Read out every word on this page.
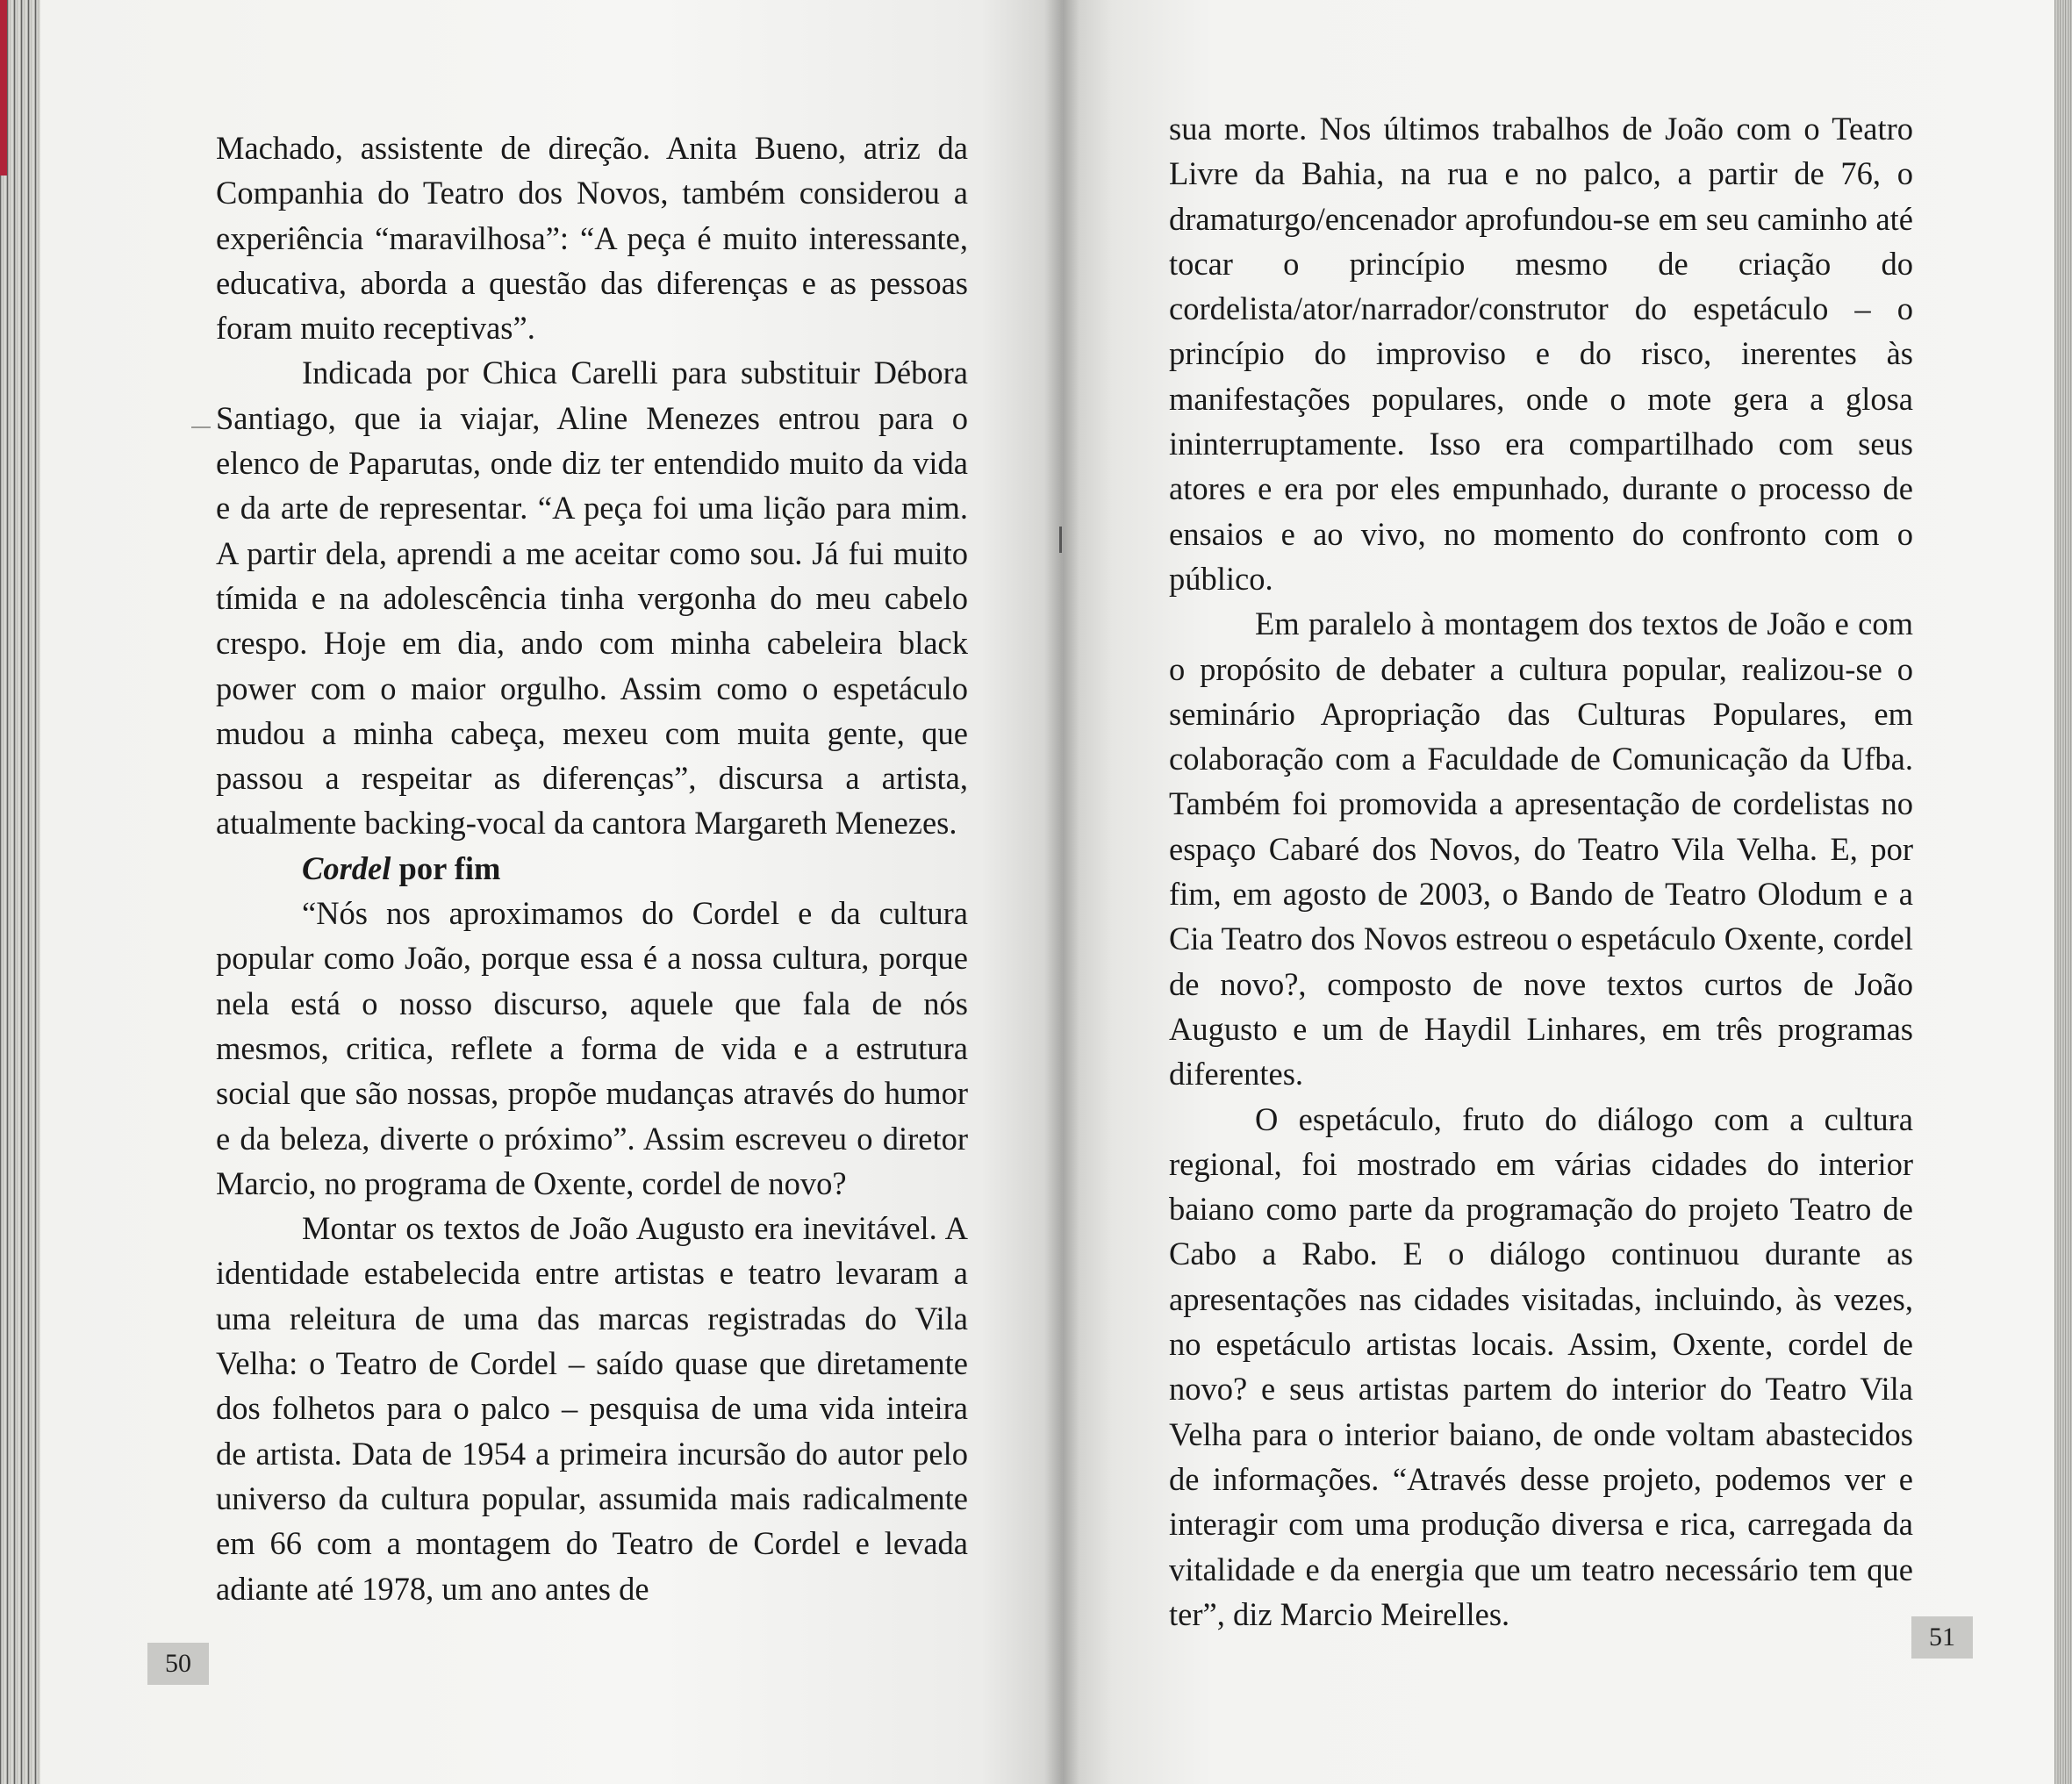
Machado, assistente de direção. Anita Bueno, atriz da Companhia do Teatro dos Novos, também considerou a experiência “maravilhosa”: “A peça é muito interessante, educativa, aborda a questão das diferenças e as pessoas foram muito receptivas”.

Indicada por Chica Carelli para substituir Débora Santiago, que ia viajar, Aline Menezes entrou para o elenco de Paparutas, onde diz ter entendido muito da vida e da arte de representar. “A peça foi uma lição para mim. A partir dela, aprendi a me aceitar como sou. Já fui muito tímida e na adolescência tinha vergonha do meu cabelo crespo. Hoje em dia, ando com minha cabeleira black power com o maior orgulho. Assim como o espetáculo mudou a minha cabeça, mexeu com muita gente, que passou a respeitar as diferenças”, discursa a artista, atualmente backing-vocal da cantora Margareth Menezes.

Cordel por fim

“Nós nos aproximamos do Cordel e da cultura popular como João, porque essa é a nossa cultura, porque nela está o nosso discurso, aquele que fala de nós mesmos, critica, reflete a forma de vida e a estrutura social que são nossas, propõe mudanças através do humor e da beleza, diverte o próximo”. Assim escreveu o diretor Marcio, no programa de Oxente, cordel de novo?

Montar os textos de João Augusto era inevitável. A identidade estabelecida entre artistas e teatro levaram a uma releitura de uma das marcas registradas do Vila Velha: o Teatro de Cordel – saído quase que diretamente dos folhetos para o palco – pesquisa de uma vida inteira de artista. Data de 1954 a primeira incursão do autor pelo universo da cultura popular, assumida mais radicalmente em 66 com a montagem do Teatro de Cordel e levada adiante até 1978, um ano antes de

sua morte. Nos últimos trabalhos de João com o Teatro Livre da Bahia, na rua e no palco, a partir de 76, o dramaturgo/encenador aprofundou-se em seu caminho até tocar o princípio mesmo de criação do cordelista/ator/narrador/construtor do espetáculo – o princípio do improviso e do risco, inerentes às manifestações populares, onde o mote gera a glosa ininterruptamente. Isso era compartilhado com seus atores e era por eles empunhado, durante o processo de ensaios e ao vivo, no momento do confronto com o público.

Em paralelo à montagem dos textos de João e com o propósito de debater a cultura popular, realizou-se o seminário Apropriação das Culturas Populares, em colaboração com a Faculdade de Comunicação da Ufba. Também foi promovida a apresentação de cordelistas no espaço Cabaré dos Novos, do Teatro Vila Velha. E, por fim, em agosto de 2003, o Bando de Teatro Olodum e a Cia Teatro dos Novos estreou o espetáculo Oxente, cordel de novo?, composto de nove textos curtos de João Augusto e um de Haydil Linhares, em três programas diferentes.

O espetáculo, fruto do diálogo com a cultura regional, foi mostrado em várias cidades do interior baiano como parte da programação do projeto Teatro de Cabo a Rabo. E o diálogo continuou durante as apresentações nas cidades visitadas, incluindo, às vezes, no espetáculo artistas locais. Assim, Oxente, cordel de novo? e seus artistas partem do interior do Teatro Vila Velha para o interior baiano, de onde voltam abastecidos de informações. “Através desse projeto, podemos ver e interagir com uma produção diversa e rica, carregada da vitalidade e da energia que um teatro necessário tem que ter”, diz Marcio Meirelles.

50
51
